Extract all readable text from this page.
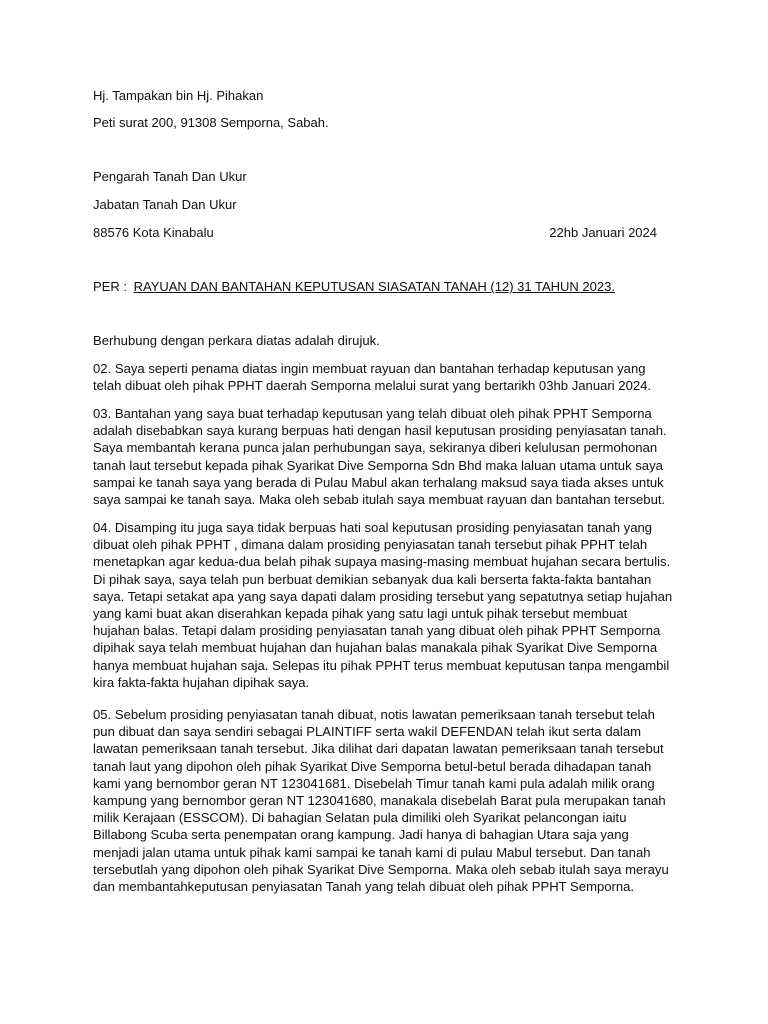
Hj. Tampakan bin Hj. Pihakan
Peti surat 200, 91308 Semporna, Sabah.
Pengarah Tanah Dan Ukur
Jabatan Tanah Dan Ukur
88576 Kota Kinabalu	22hb Januari 2024
PER : RAYUAN DAN BANTAHAN KEPUTUSAN SIASATAN TANAH (12) 31 TAHUN 2023.
Berhubung dengan perkara diatas adalah dirujuk.
02. Saya seperti penama diatas ingin membuat rayuan dan bantahan terhadap keputusan yang telah dibuat oleh pihak PPHT daerah Semporna melalui surat yang bertarikh 03hb Januari 2024.
03. Bantahan yang saya buat terhadap keputusan yang telah dibuat oleh pihak PPHT Semporna adalah disebabkan saya kurang berpuas hati dengan hasil keputusan prosiding penyiasatan tanah. Saya membantah kerana punca jalan perhubungan saya, sekiranya diberi kelulusan permohonan tanah laut tersebut kepada pihak Syarikat Dive Semporna Sdn Bhd maka laluan utama untuk saya sampai ke tanah saya yang berada di Pulau Mabul akan terhalang maksud saya tiada akses untuk saya sampai ke tanah saya. Maka oleh sebab itulah saya membuat rayuan dan bantahan tersebut.
04. Disamping itu juga saya tidak berpuas hati soal keputusan prosiding penyiasatan tanah yang dibuat oleh pihak PPHT , dimana dalam prosiding penyiasatan tanah tersebut pihak PPHT telah menetapkan agar kedua-dua belah pihak supaya masing-masing membuat hujahan secara bertulis. Di pihak saya, saya telah pun berbuat demikian sebanyak dua kali berserta fakta-fakta bantahan saya. Tetapi setakat apa yang saya dapati dalam prosiding tersebut yang sepatutnya setiap hujahan yang kami buat akan diserahkan kepada pihak yang satu lagi untuk pihak tersebut membuat hujahan balas. Tetapi dalam prosiding penyiasatan tanah yang dibuat oleh pihak PPHT Semporna dipihak saya telah membuat hujahan dan hujahan balas manakala pihak Syarikat Dive Semporna hanya membuat hujahan saja. Selepas itu pihak PPHT terus membuat keputusan tanpa mengambil kira fakta-fakta hujahan dipihak saya.
05. Sebelum prosiding penyiasatan tanah dibuat, notis lawatan pemeriksaan tanah tersebut telah pun dibuat dan saya sendiri sebagai PLAINTIFF serta wakil DEFENDAN telah ikut serta dalam lawatan pemeriksaan tanah tersebut. Jika dilihat dari dapatan lawatan pemeriksaan tanah tersebut tanah laut yang dipohon oleh pihak Syarikat Dive Semporna betul-betul berada dihadapan tanah kami yang bernombor geran NT 123041681. Disebelah Timur tanah kami pula adalah milik orang kampung yang bernombor geran NT 123041680, manakala disebelah Barat pula merupakan tanah milik Kerajaan (ESSCOM). Di bahagian Selatan pula dimiliki oleh Syarikat pelancongan iaitu Billabong Scuba serta penempatan orang kampung. Jadi hanya di bahagian Utara saja yang menjadi jalan utama untuk pihak kami sampai ke tanah kami di pulau Mabul tersebut. Dan tanah tersebutlah yang dipohon oleh pihak Syarikat Dive Semporna. Maka oleh sebab itulah saya merayu dan membantahkeputusan penyiasatan Tanah yang telah dibuat oleh pihak PPHT Semporna.
